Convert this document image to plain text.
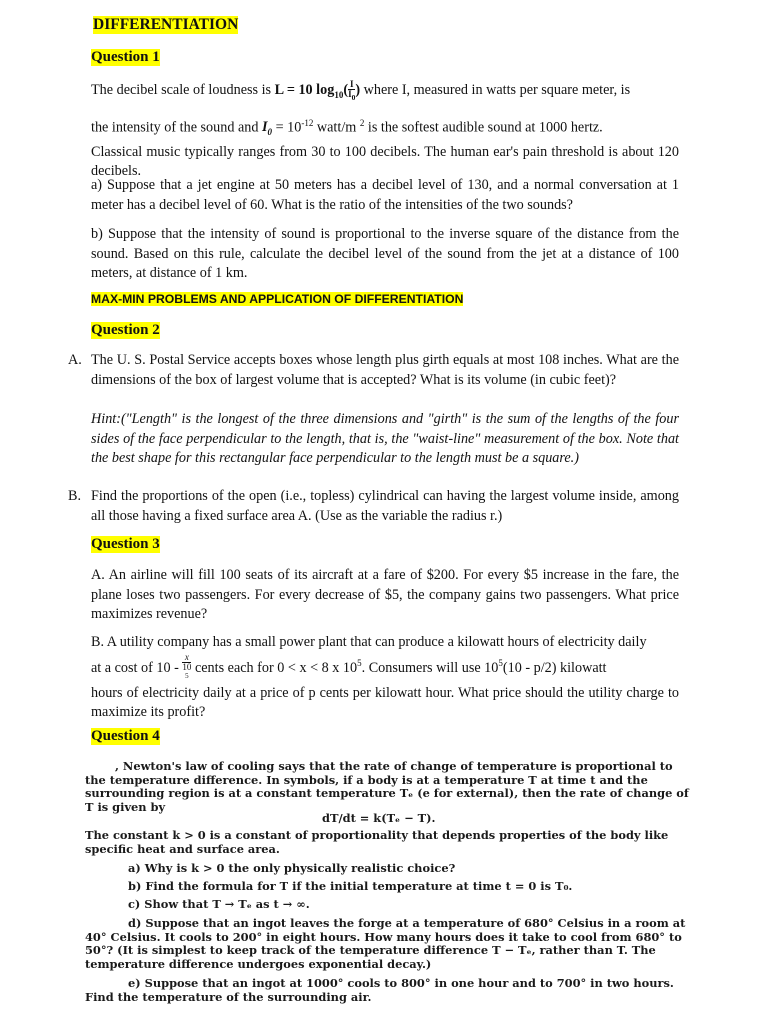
DIFFERENTIATION
Question 1
The decibel scale of loudness is L = 10 $\log_{10}( \frac{I}{I_0}$ ) where I, measured in watts per square meter, is
the intensity of the sound and $I_0 = 10^{-12}$ watt/m $^2$ is the softest audible sound at 1000 hertz.
Classical music typically ranges from 30 to 100 decibels. The human ear's pain threshold is about 120 decibels.
a) Suppose that a jet engine at 50 meters has a decibel level of 130, and a normal conversation at 1 meter has a decibel level of 60. What is the ratio of the intensities of the two sounds?
b) Suppose that the intensity of sound is proportional to the inverse square of the distance from the sound. Based on this rule, calculate the decibel level of the sound from the jet at a distance of 100 meters, at distance of 1 km.
MAX-MIN PROBLEMS AND APPLICATION OF DIFFERENTIATION
Question 2
A. The U. S. Postal Service accepts boxes whose length plus girth equals at most 108 inches. What are the dimensions of the box of largest volume that is accepted? What is its volume (in cubic feet)?
Hint:("Length" is the longest of the three dimensions and "girth" is the sum of the lengths of the four sides of the face perpendicular to the length, that is, the "waist-line" measurement of the box. Note that the best shape for this rectangular face perpendicular to the length must be a square.)
B. Find the proportions of the open (i.e., topless) cylindrical can having the largest volume inside, among all those having a fixed surface area A. (Use as the variable the radius r.)
Question 3
A. An airline will fill 100 seats of its aircraft at a fare of $200. For every $5 increase in the fare, the plane loses two passengers. For every decrease of $5, the company gains two passengers. What price maximizes revenue?
B. A utility company has a small power plant that can produce a kilowatt hours of electricity daily
at a cost of 10 - x
10
$^5$ cents each for 0 < x < 8 x $10^5$. Consumers will use $10^5(10 - p/2)$ kilowatt
hours of electricity daily at a price of p cents per kilowatt hour. What price should the utility charge to maximize its profit?
Question 4
, Newton's law of cooling says that the rate of change of temperature is proportional to the temperature difference. In symbols, if a body is at a temperature T at time t and the surrounding region is at a constant temperature Tₑ (e for external), then the rate of change of T is given by
dT/dt = k(Tₑ − T).
The constant k > 0 is a constant of proportionality that depends properties of the body like specific heat and surface area.
a) Why is k > 0 the only physically realistic choice?
b) Find the formula for T if the initial temperature at time t = 0 is T₀.
c) Show that T → Tₑ as t → ∞.
d) Suppose that an ingot leaves the forge at a temperature of 680° Celsius in a room at 40° Celsius. It cools to 200° in eight hours. How many hours does it take to cool from 680° to 50°? (It is simplest to keep track of the temperature difference T − Tₑ, rather than T. The temperature difference undergoes exponential decay.)
e) Suppose that an ingot at 1000° cools to 800° in one hour and to 700° in two hours. Find the temperature of the surrounding air.
